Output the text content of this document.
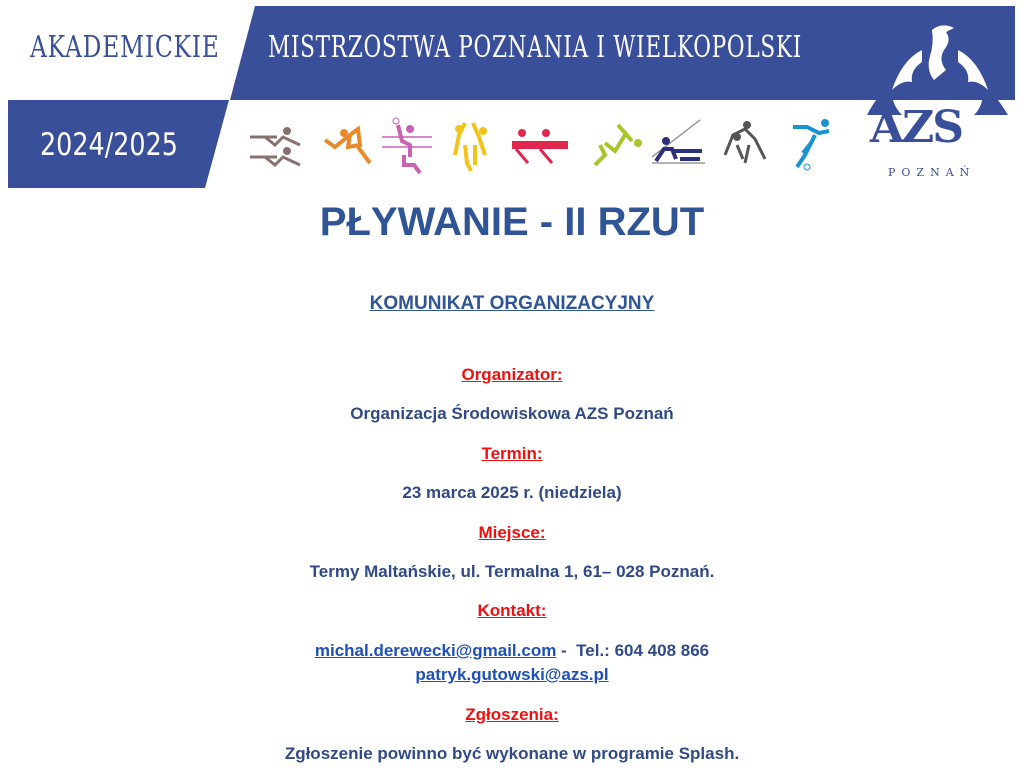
AKADEMICKIE MISTRZOSTWA POZNANIA I WIELKOPOLSKI
2024/2025	AZS
POZNAŃ
PŁYWANIE - II RZUT
KOMUNIKAT ORGANIZACYJNY
Organizator:
Organizacja Środowiskowa AZS Poznań
Termin:
23 marca 2025 r. (niedziela)
Miejsce:
Termy Maltańskie, ul. Termalna 1, 61– 028 Poznań.
Kontakt:
michal.derewecki@gmail.com -  Tel.: 604 408 866
patryk.gutowski@azs.pl
Zgłoszenia:
Zgłoszenie powinno być wykonane w programie Splash.
